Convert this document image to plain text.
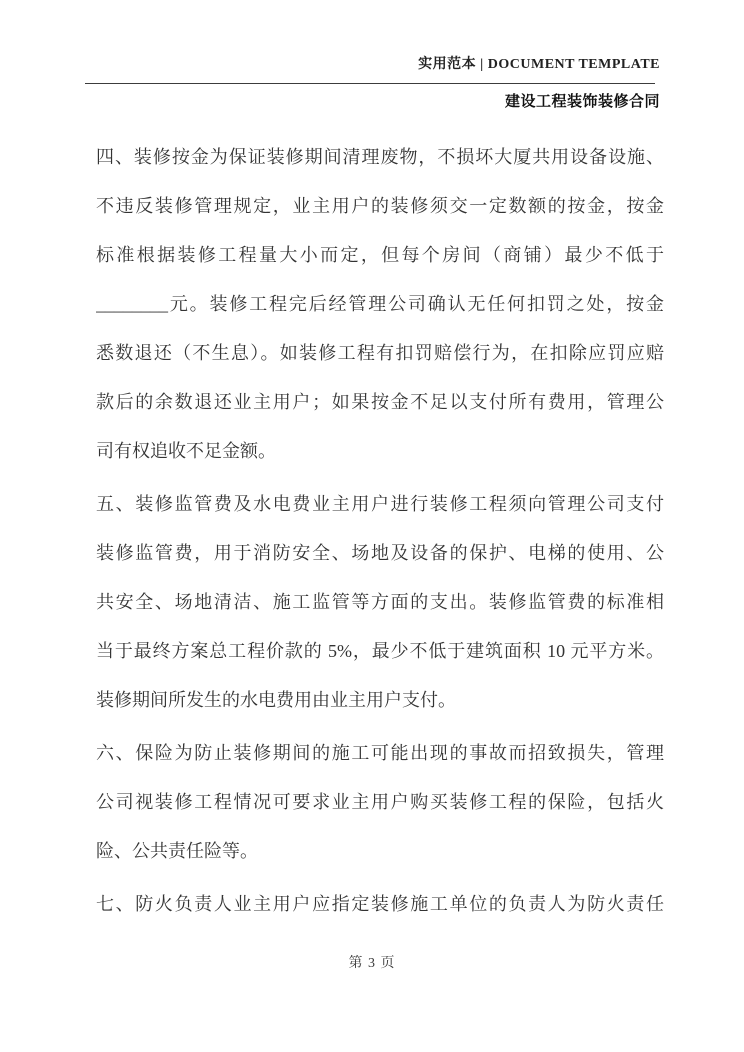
实用范本 | DOCUMENT TEMPLATE
建设工程装饰装修合同
四、装修按金为保证装修期间清理废物，不损坏大厦共用设备设施、
不违反装修管理规定，业主用户的装修须交一定数额的按金，按金
标准根据装修工程量大小而定，但每个房间（商铺）最少不低于
________元。装修工程完后经管理公司确认无任何扣罚之处，按金
悉数退还（不生息）。如装修工程有扣罚赔偿行为，在扣除应罚应赔
款后的余数退还业主用户；如果按金不足以支付所有费用，管理公
司有权追收不足金额。
五、装修监管费及水电费业主用户进行装修工程须向管理公司支付
装修监管费，用于消防安全、场地及设备的保护、电梯的使用、公
共安全、场地清洁、施工监管等方面的支出。装修监管费的标准相
当于最终方案总工程价款的 5%，最少不低于建筑面积 10 元平方米。
装修期间所发生的水电费用由业主用户支付。
六、保险为防止装修期间的施工可能出现的事故而招致损失，管理
公司视装修工程情况可要求业主用户购买装修工程的保险，包括火
险、公共责任险等。
七、防火负责人业主用户应指定装修施工单位的负责人为防火责任
第 3 页
